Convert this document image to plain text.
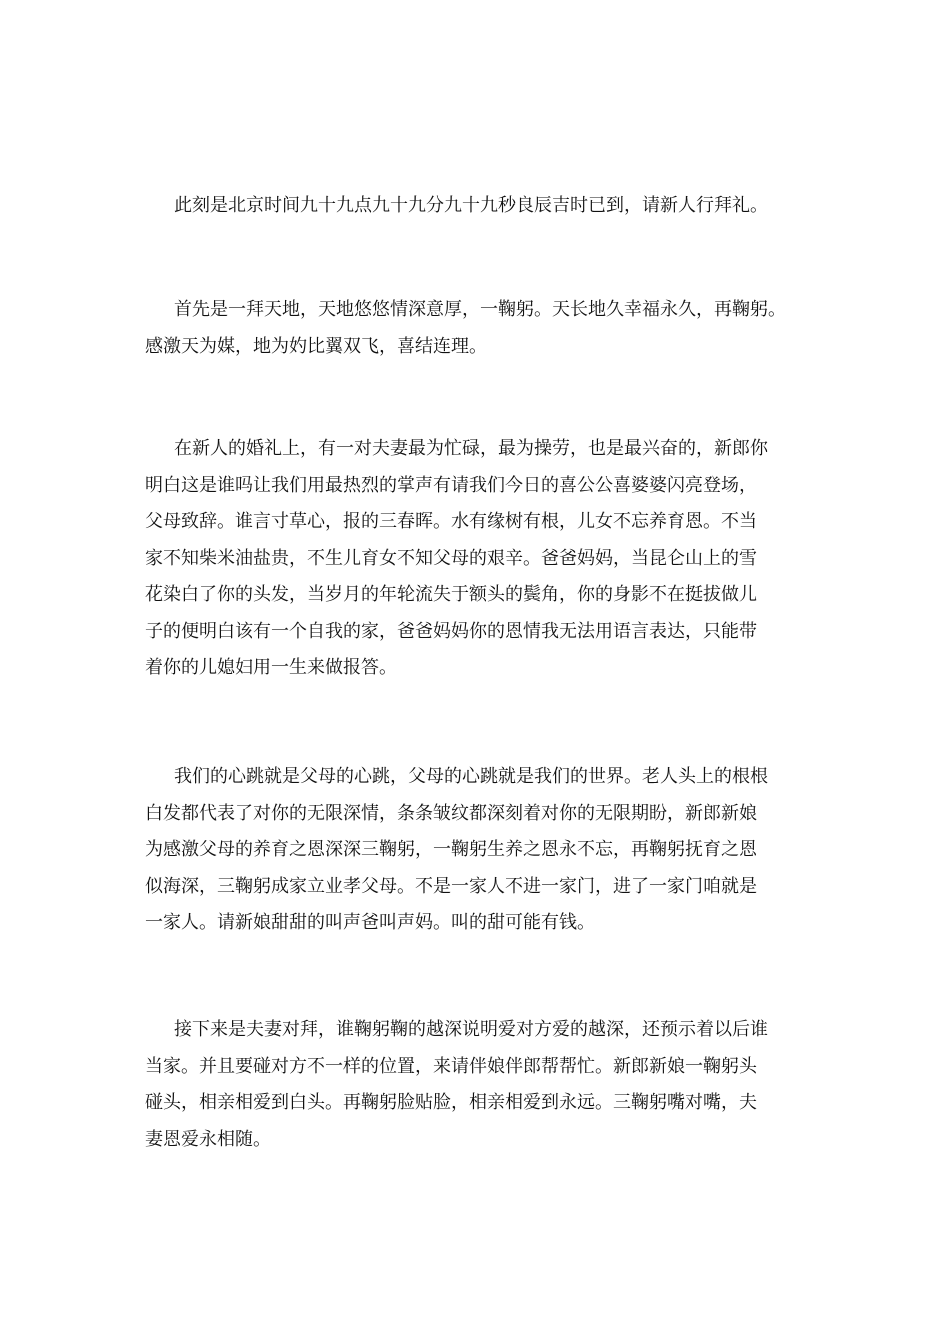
此刻是北京时间九十九点九十九分九十九秒良辰吉时已到，请新人行拜礼。
首先是一拜天地，天地悠悠情深意厚，一鞠躬。天长地久幸福永久，再鞠躬。
感激天为媒，地为妁比翼双飞，喜结连理。
在新人的婚礼上，有一对夫妻最为忙碌，最为操劳，也是最兴奋的，新郎你
明白这是谁吗让我们用最热烈的掌声有请我们今日的喜公公喜婆婆闪亮登场，
父母致辞。谁言寸草心，报的三春晖。水有缘树有根，儿女不忘养育恩。不当
家不知柴米油盐贵，不生儿育女不知父母的艰辛。爸爸妈妈，当昆仑山上的雪
花染白了你的头发，当岁月的年轮流失于额头的鬓角，你的身影不在挺拔做儿
子的便明白该有一个自我的家，爸爸妈妈你的恩情我无法用语言表达，只能带
着你的儿媳妇用一生来做报答。
我们的心跳就是父母的心跳，父母的心跳就是我们的世界。老人头上的根根
白发都代表了对你的无限深情，条条皱纹都深刻着对你的无限期盼，新郎新娘
为感激父母的养育之恩深深三鞠躬，一鞠躬生养之恩永不忘，再鞠躬抚育之恩
似海深，三鞠躬成家立业孝父母。不是一家人不进一家门，进了一家门咱就是
一家人。请新娘甜甜的叫声爸叫声妈。叫的甜可能有钱。
接下来是夫妻对拜，谁鞠躬鞠的越深说明爱对方爱的越深，还预示着以后谁
当家。并且要碰对方不一样的位置，来请伴娘伴郎帮帮忙。新郎新娘一鞠躬头
碰头，相亲相爱到白头。再鞠躬脸贴脸，相亲相爱到永远。三鞠躬嘴对嘴，夫
妻恩爱永相随。
